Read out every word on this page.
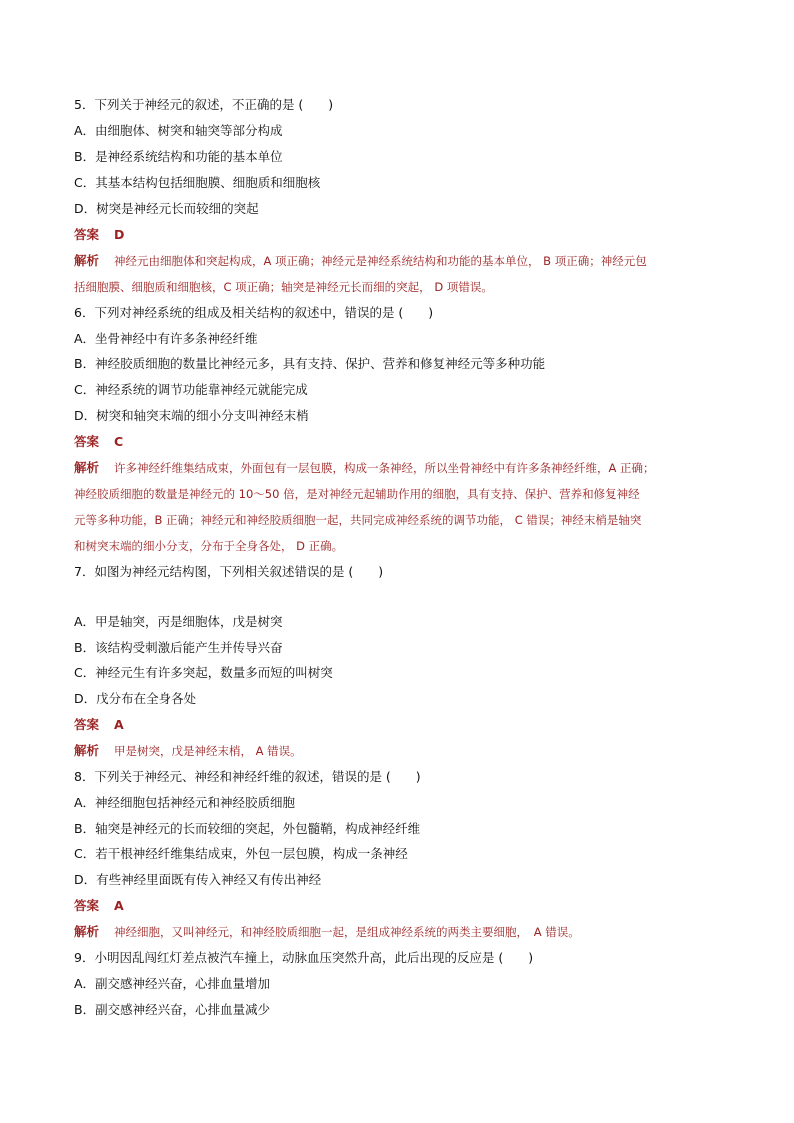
5．下列关于神经元的叙述，不正确的是 (　　)
A．由细胞体、树突和轴突等部分构成
B．是神经系统结构和功能的基本单位
C．其基本结构包括细胞膜、细胞质和细胞核
D．树突是神经元长而较细的突起
答案 D
解析 神经元由细胞体和突起构成，A 项正确；神经元是神经系统结构和功能的基本单位， B 项正确；神经元包
括细胞膜、细胞质和细胞核，C 项正确；轴突是神经元长而细的突起， D 项错误。
6．下列对神经系统的组成及相关结构的叙述中，错误的是 (　　)
A．坐骨神经中有许多条神经纤维
B．神经胶质细胞的数量比神经元多，具有支持、保护、营养和修复神经元等多种功能
C．神经系统的调节功能靠神经元就能完成
D．树突和轴突末端的细小分支叫神经末梢
答案 C
解析 许多神经纤维集结成束，外面包有一层包膜，构成一条神经，所以坐骨神经中有许多条神经纤维，A 正确；
神经胶质细胞的数量是神经元的 10～50 倍，是对神经元起辅助作用的细胞，具有支持、保护、营养和修复神经
元等多种功能，B 正确；神经元和神经胶质细胞一起，共同完成神经系统的调节功能， C 错误；神经末梢是轴突
和树突末端的细小分支，分布于全身各处， D 正确。
7．如图为神经元结构图，下列相关叙述错误的是 (　　)
A．甲是轴突，丙是细胞体，戊是树突
B．该结构受刺激后能产生并传导兴奋
C．神经元生有许多突起，数量多而短的叫树突
D．戊分布在全身各处
答案 A
解析 甲是树突，戊是神经末梢， A 错误。
8．下列关于神经元、神经和神经纤维的叙述，错误的是 (　　)
A．神经细胞包括神经元和神经胶质细胞
B．轴突是神经元的长而较细的突起，外包髓鞘，构成神经纤维
C．若干根神经纤维集结成束，外包一层包膜，构成一条神经
D．有些神经里面既有传入神经又有传出神经
答案 A
解析 神经细胞，又叫神经元，和神经胶质细胞一起，是组成神经系统的两类主要细胞，　A 错误。
9．小明因乱闯红灯差点被汽车撞上，动脉血压突然升高，此后出现的反应是 (　　)
A．副交感神经兴奋，心排血量增加
B．副交感神经兴奋，心排血量减少
